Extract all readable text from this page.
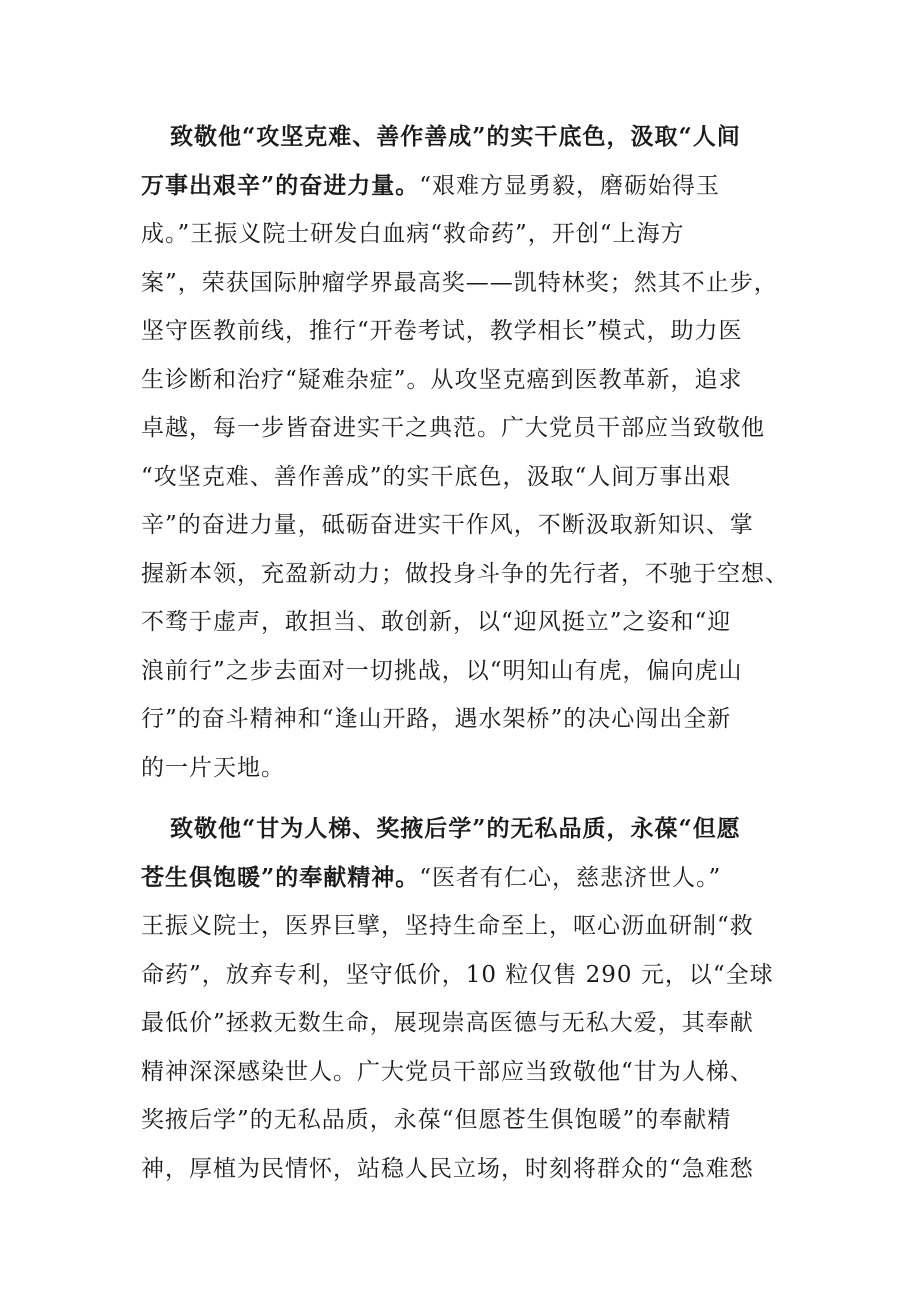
致敬他“攻坚克难、善作善成”的实干底色，汲取“人间
万事出艰辛”的奋进力量。“艰难方显勇毅，磨砺始得玉
成。”王振义院士研发白血病“救命药”，开创“上海方
案”，荣获国际肿瘤学界最高奖——凯特林奖；然其不止步，
坚守医教前线，推行“开卷考试，教学相长”模式，助力医
生诊断和治疗“疑难杂症”。从攻坚克癌到医教革新，追求
卓越，每一步皆奋进实干之典范。广大党员干部应当致敬他
“攻坚克难、善作善成”的实干底色，汲取“人间万事出艰
辛”的奋进力量，砥砺奋进实干作风，不断汲取新知识、掌
握新本领，充盈新动力；做投身斗争的先行者，不驰于空想、
不骛于虚声，敢担当、敢创新，以“迎风挺立”之姿和“迎
浪前行”之步去面对一切挑战，以“明知山有虎，偏向虎山
行”的奋斗精神和“逢山开路，遇水架桥”的决心闯出全新
的一片天地。

致敬他“甘为人梯、奖掖后学”的无私品质，永葆“但愿
苍生俱饱暖”的奉献精神。“医者有仁心，慈悲济世人。”
王振义院士，医界巨擘，坚持生命至上，呕心沥血研制“救
命药”，放弃专利，坚守低价，10 粒仅售 290 元，以“全球
最低价”拯救无数生命，展现崇高医德与无私大爱，其奉献
精神深深感染世人。广大党员干部应当致敬他“甘为人梯、
奖掖后学”的无私品质，永葆“但愿苍生俱饱暖”的奉献精
神，厚植为民情怀，站稳人民立场，时刻将群众的“急难愁
